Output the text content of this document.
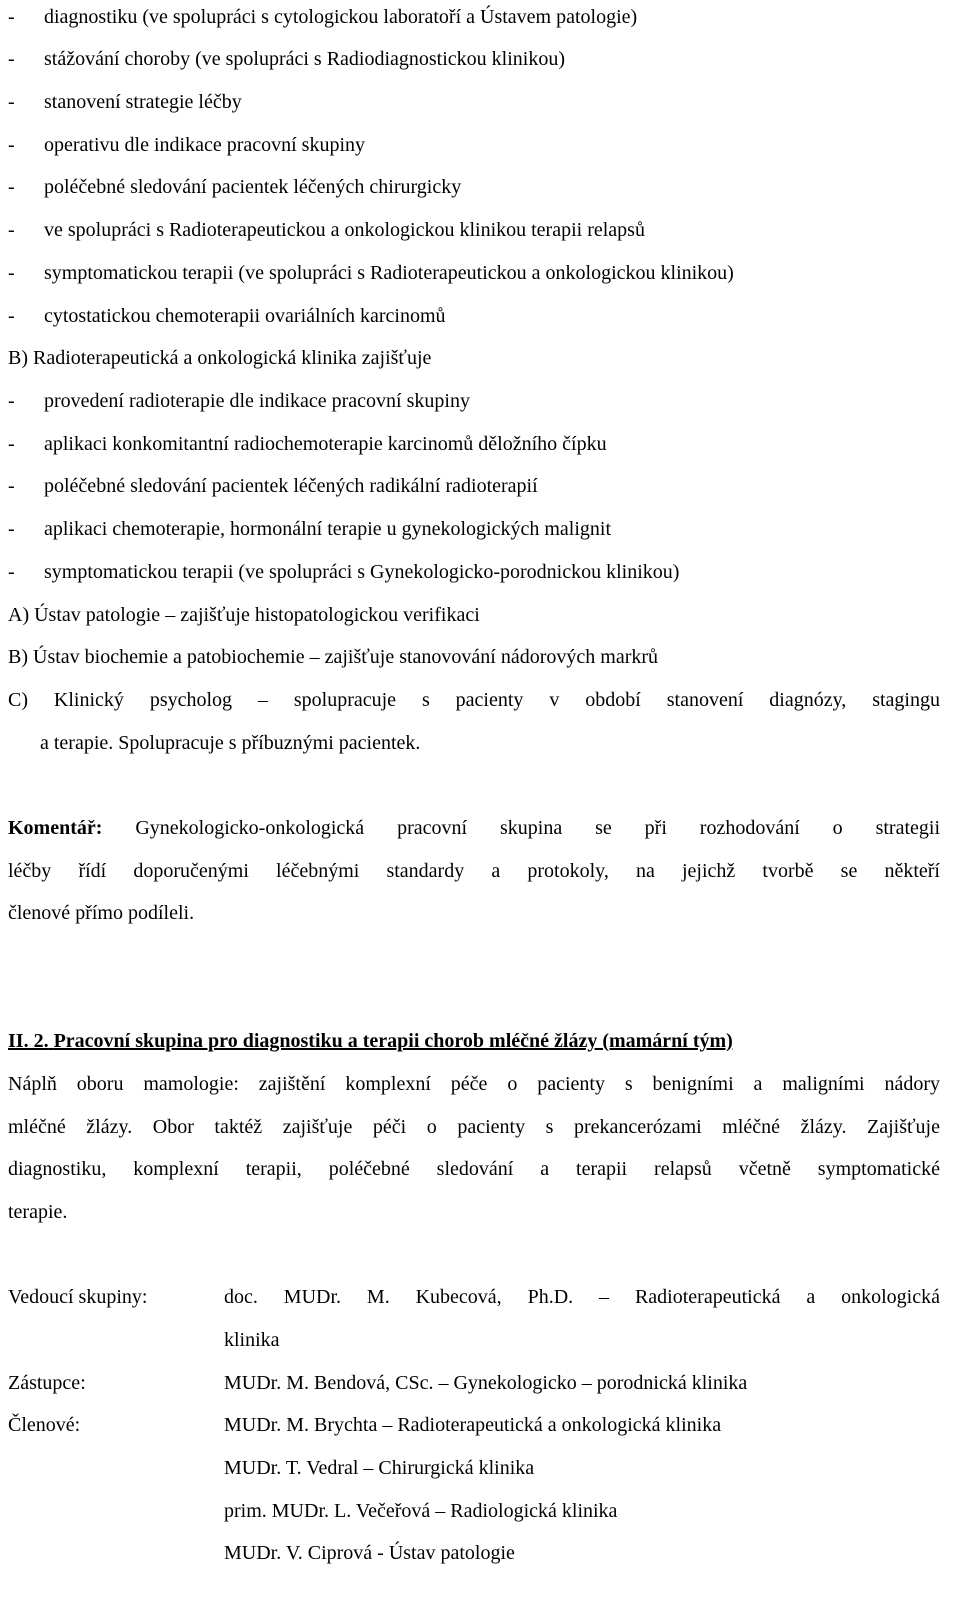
- diagnostiku (ve spolupráci s cytologickou laboratoří a Ústavem patologie)
- stážování choroby (ve spolupráci s Radiodiagnostickou klinikou)
- stanovení strategie léčby
- operativu dle indikace pracovní skupiny
- poléčebné sledování pacientek léčených chirurgicky
- ve spolupráci s Radioterapeutickou a onkologickou klinikou terapii relapsů
- symptomatickou terapii (ve spolupráci s Radioterapeutickou a onkologickou klinikou)
- cytostatickou chemoterapii ovariálních karcinomů
B) Radioterapeutická a onkologická klinika zajišťuje
- provedení radioterapie dle indikace pracovní skupiny
- aplikaci konkomitantní radiochemoterapie karcinomů děložního čípku
- poléčebné sledování pacientek léčených radikální radioterapií
- aplikaci chemoterapie, hormonální terapie u gynekologických malignit
- symptomatickou terapii (ve spolupráci s Gynekologicko-porodnickou klinikou)
A) Ústav patologie – zajišťuje histopatologickou verifikaci
B) Ústav biochemie a patobiochemie – zajišťuje stanovování nádorových markrů
C) Klinický psycholog – spolupracuje s pacienty v období stanovení diagnózy, stagingu
a terapie. Spolupracuje s příbuznými pacientek.
Komentář: Gynekologicko-onkologická pracovní skupina se při rozhodování o strategii
léčby řídí doporučenými léčebnými standardy a protokoly, na jejichž tvorbě se někteří
členové přímo podíleli.
II. 2. Pracovní skupina pro diagnostiku a terapii chorob mléčné žlázy (mamární tým)
Náplň oboru mamologie: zajištění komplexní péče o pacienty s benigními a maligními nádory
mléčné žlázy. Obor taktéž zajišťuje péči o pacienty s prekancerózami mléčné žlázy. Zajišťuje
diagnostiku, komplexní terapii, poléčebné sledování a terapii relapsů včetně symptomatické
terapie.
Vedoucí skupiny:	doc. MUDr. M. Kubecová, Ph.D. – Radioterapeutická a onkologická
klinika
Zástupce:	MUDr. M. Bendová, CSc. – Gynekologicko – porodnická klinika
Členové:	MUDr. M. Brychta – Radioterapeutická a onkologická klinika
MUDr. T. Vedral – Chirurgická klinika
prim. MUDr. L. Večeřová – Radiologická klinika
MUDr. V. Ciprová - Ústav patologie
